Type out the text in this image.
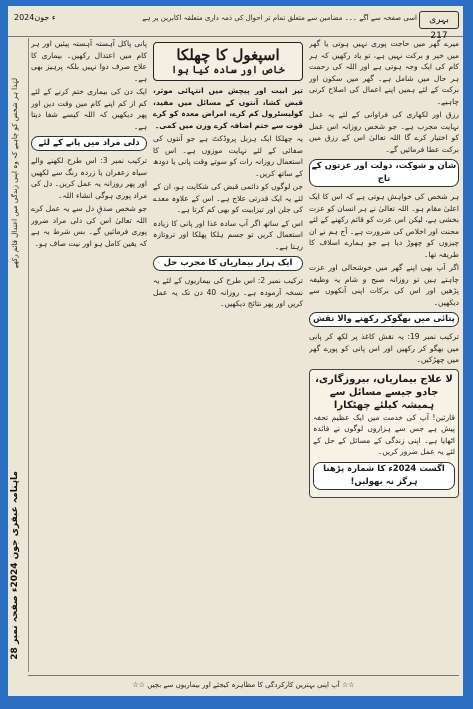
بہری 217
اسی صفحہ سے آگے ۔۔۔ مضامین سے متعلق تمام تر احوال کی ذمہ داری متعلقہ اکابرین پر ہے
2024ء جون
لہٰذا ہر شخص کو چاہیے کہ وہ اپنی زندگی میں اعتدال قائم رکھے
ماہنامہ عبقری جون 2024ء صفحہ نمبر 28

میرے گھر میں حاجت پوری نہیں ہوتی یا گھر میں خیر و برکت نہیں ہے، تو یاد رکھیں کہ ہر کام کی ایک وجہ ہوتی ہے اور اللہ کی رحمت ہر حال میں شامل ہے۔ گھر میں سکون اور برکت کے لئے ہمیں اپنے اعمال کی اصلاح کرنی چاہیے۔

رزق اور لکھاری کی فراوانی کے لئے یہ عمل نہایت مجرب ہے۔ جو شخص روزانہ اس عمل کو اختیار کرے گا اللہ تعالیٰ اس کے رزق میں برکت عطا فرمائیں گے۔

شان و شوکت، دولت اور عزتوں کے تاج

ہر شخص کی خواہش ہوتی ہے کہ اس کا ایک اعلیٰ مقام ہو۔ اللہ تعالیٰ نے ہر انسان کو عزت بخشی ہے، لیکن اس عزت کو قائم رکھنے کے لئے محنت اور اخلاص کی ضرورت ہے۔ آج ہم نے ان چیزوں کو چھوڑ دیا ہے جو ہمارے اسلاف کا طریقہ تھا۔

اگر آپ بھی اپنے گھر میں خوشحالی اور عزت چاہتے ہیں تو روزانہ صبح و شام یہ وظیفہ پڑھیں اور اس کی برکات اپنی آنکھوں سے دیکھیں۔

پتائی میں بھگوکر رکھنے والا نقش

ترکیب نمبر 19: یہ نقش کاغذ پر لکھ کر پانی میں بھگو کر رکھیں اور اس پانی کو پورے گھر میں چھڑکیں۔

لا علاج بیماریاں، بیروزگاری، جادو جیسے مسائل سے ہمیشہ کیلئے چھٹکارا

قارئین! آپ کی خدمت میں ایک عظیم تحفہ پیش ہے جس سے ہزاروں لوگوں نے فائدہ اٹھایا ہے۔ اپنی زندگی کے مسائل کے حل کے لئے یہ عمل ضرور کریں۔

اگست 2024ء کا شمارہ پڑھنا ہرگز نہ بھولیں!
اسپغول کا چھلکا
خاص اور سادہ کیا ہوا

تیز ابیت اور پیچش میں انتہائی موثر، قبض کشا، آنتوں کے مسائل میں مفید، کولیسٹرول کم کرے، امراض معدہ کو کرے قوت سے ختم اضافہ کرے وزن میں کمی۔

یہ چھلکا ایک ہربل پروڈکٹ ہے جو آنتوں کی صفائی کے لئے نہایت موزوں ہے۔ اس کا استعمال روزانہ رات کو سوتے وقت پانی یا دودھ کے ساتھ کریں۔

جن لوگوں کو دائمی قبض کی شکایت ہو، ان کے لئے یہ ایک قدرتی علاج ہے۔ اس کے علاوہ معدے کی جلن اور تیزابیت کو بھی کم کرتا ہے۔

اس کے ساتھ اگر آپ سادہ غذا اور پانی کا زیادہ استعمال کریں تو جسم ہلکا پھلکا اور تروتازہ رہتا ہے۔

ایک ہزار بیماریاں کا مجرب حل

ترکیب نمبر 2: اس طرح کی بیماریوں کے لئے یہ نسخہ آزمودہ ہے۔ روزانہ 40 دن تک یہ عمل کریں اور پھر نتائج دیکھیں۔

پانی پاکل آہستہ آہستہ پیئیں اور ہر کام میں اعتدال رکھیں۔ بیماری کا علاج صرف دوا نہیں بلکہ پرہیز بھی ہے۔

ایک دن کی بیماری ختم کرنے کے لئے کم از کم اپنے کام میں وقت دیں اور پھر دیکھیں کہ اللہ کیسے شفا دیتا ہے۔

دلی مراد میں پانے کے لئے

ترکیب نمبر 3: اس طرح لکھنے والے سیاہ زعفران یا زردہ رنگ سے لکھیں اور پھر روزانہ یہ عمل کریں۔ دل کی مراد پوری ہوگی انشاء اللہ۔

جو شخص صدقِ دل سے یہ عمل کرے اللہ تعالیٰ اس کی دلی مراد ضرور پوری فرمائیں گے۔ بس شرط یہ ہے کہ یقین کامل ہو اور نیت صاف ہو۔

☆☆ آپ اپنی بہترین کارکردگی کا مظاہرہ کیجئے اور بیماریوں سے بچیں ☆☆
